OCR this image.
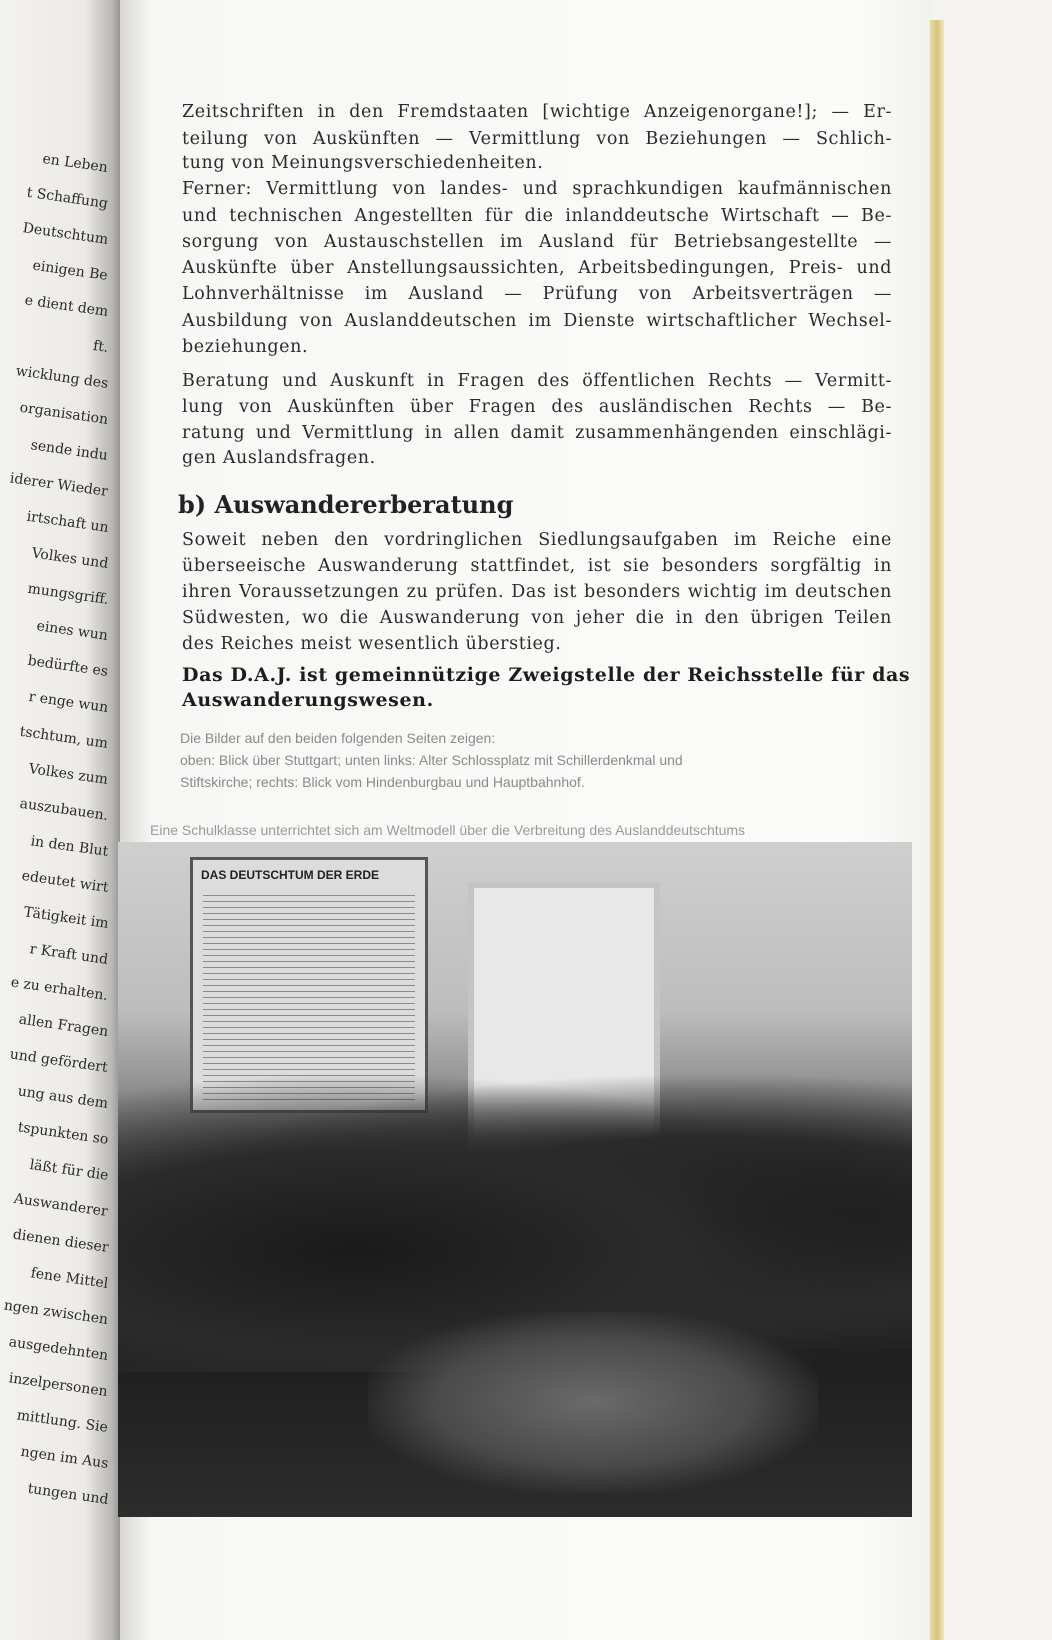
en Leben
t Schaffung
Deutschtum
einigen Be
e dient dem
ft.
wicklung des
organisation
sende indu
iderer Wieder
irtschaft un
Volkes und
mungsgriff.
eines wun
bedürfte es
r enge wun
tschtum, um
Volkes zum
auszubauen.
in den Blut
edeutet wirt
Tätigkeit im
r Kraft und
e zu erhalten.
allen Fragen
und gefördert
ung aus dem
tspunkten so
läßt für die
Auswanderer
dienen dieser
fene Mittel
ngen zwischen
ausgedehnten
inzelpersonen
mittlung. Sie
ngen im Aus
tungen und
Zeitschriften in den Fremdstaaten [wichtige Anzeigenorgane!]; — Er-
teilung von Auskünften — Vermittlung von Beziehungen — Schlich-
tung von Meinungsverschiedenheiten.
Ferner: Vermittlung von landes- und sprachkundigen kaufmännischen
und technischen Angestellten für die inlanddeutsche Wirtschaft — Be-
sorgung von Austauschstellen im Ausland für Betriebsangestellte —
Auskünfte über Anstellungsaussichten, Arbeitsbedingungen, Preis- und
Lohnverhältnisse im Ausland — Prüfung von Arbeitsverträgen —
Ausbildung von Auslanddeutschen im Dienste wirtschaftlicher Wechsel-
beziehungen.
Beratung und Auskunft in Fragen des öffentlichen Rechts — Vermitt-
lung von Auskünften über Fragen des ausländischen Rechts — Be-
ratung und Vermittlung in allen damit zusammenhängenden einschlägi-
gen Auslandsfragen.
b) Auswandererberatung
Soweit neben den vordringlichen Siedlungsaufgaben im Reiche eine
überseeische Auswanderung stattfindet, ist sie besonders sorgfältig in
ihren Voraussetzungen zu prüfen. Das ist besonders wichtig im deutschen
Südwesten, wo die Auswanderung von jeher die in den übrigen Teilen
des Reiches meist wesentlich überstieg.
Das D.A.J. ist gemeinnützige Zweigstelle der Reichsstelle für das
Auswanderungswesen.
Die Bilder auf den beiden folgenden Seiten zeigen:
oben: Blick über Stuttgart; unten links: Alter Schlossplatz mit Schillerdenkmal und
Stiftskirche; rechts: Blick vom Hindenburgbau und Hauptbahnhof.
Eine Schulklasse unterrichtet sich am Weltmodell über die Verbreitung des Auslanddeutschtums
DAS DEUTSCHTUM DER ERDE
